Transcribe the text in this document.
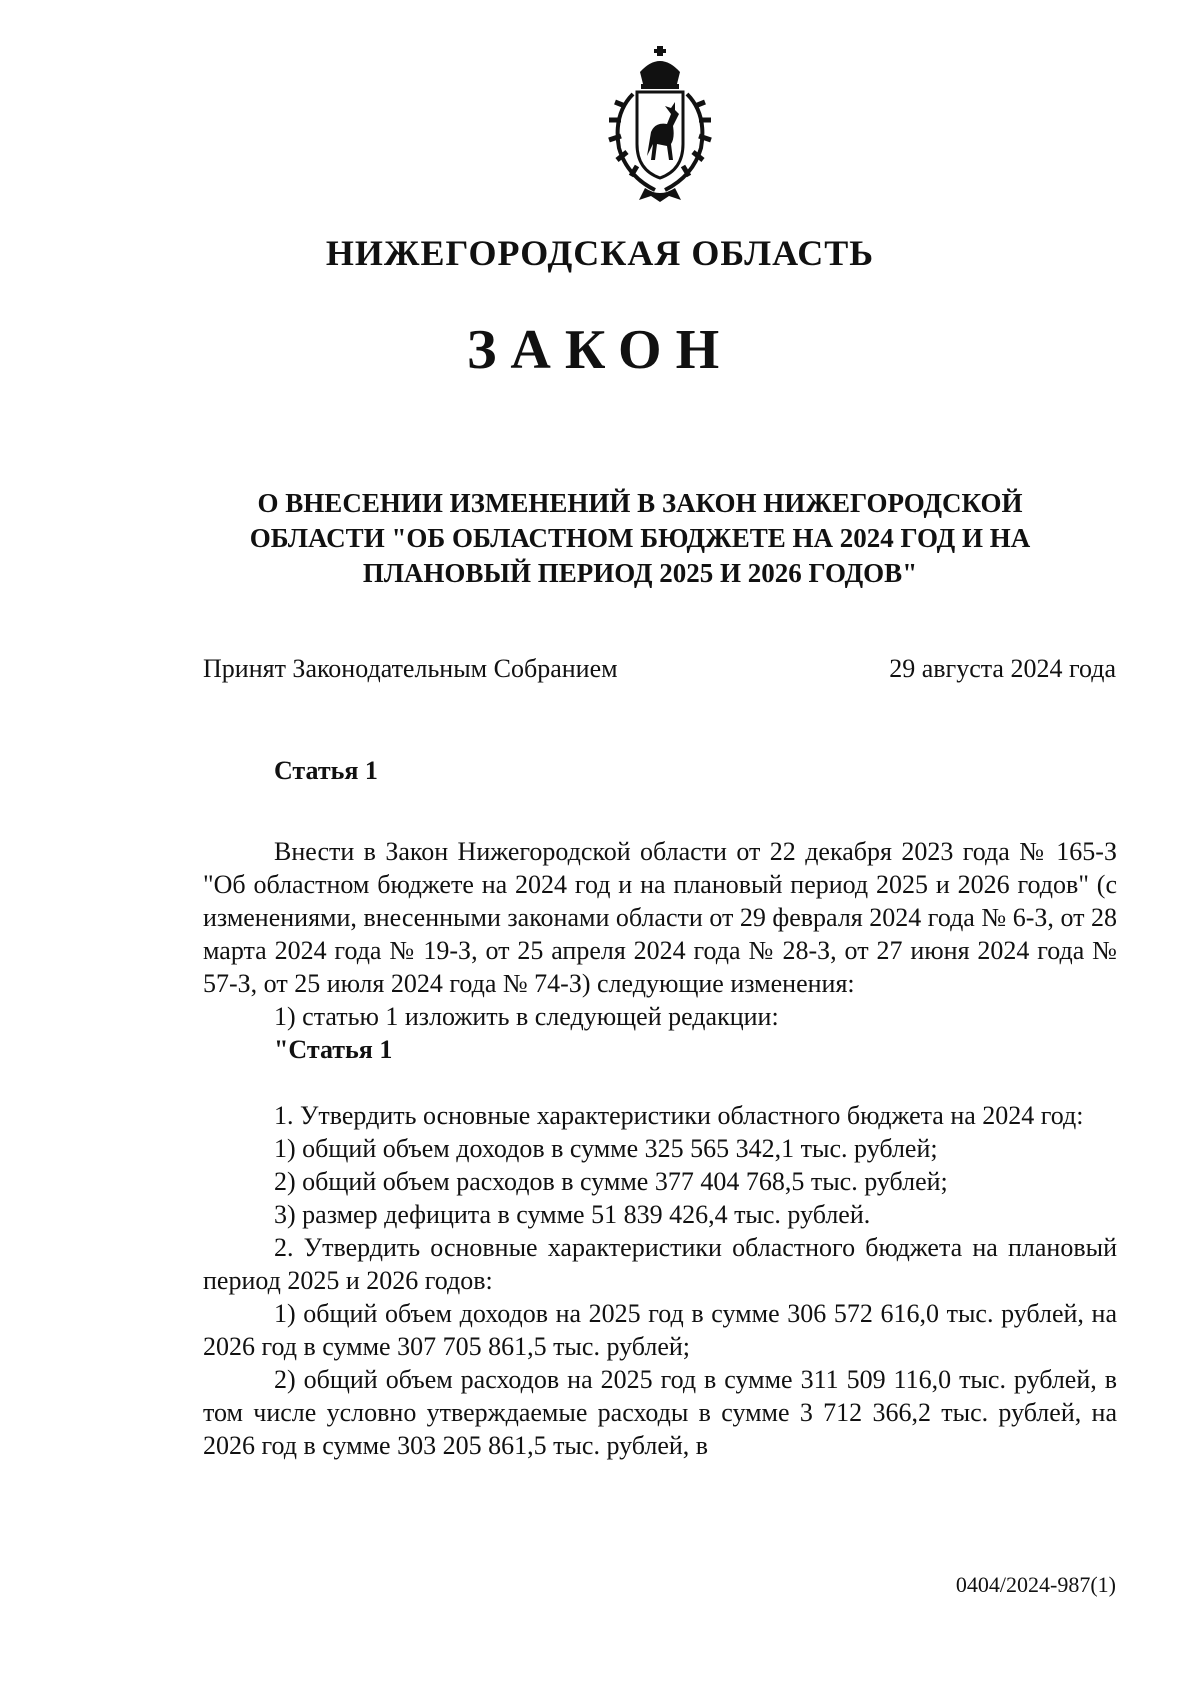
НИЖЕГОРОДСКАЯ ОБЛАСТЬ
ЗАКОН
О ВНЕСЕНИИ ИЗМЕНЕНИЙ В ЗАКОН НИЖЕГОРОДСКОЙ
ОБЛАСТИ "ОБ ОБЛАСТНОМ БЮДЖЕТЕ НА 2024 ГОД И НА
ПЛАНОВЫЙ ПЕРИОД 2025 И 2026 ГОДОВ"
Принят Законодательным Собранием	29 августа 2024 года

Статья 1

Внести в Закон Нижегородской области от 22 декабря 2023 года № 165-З "Об областном бюджете на 2024 год и на плановый период 2025 и 2026 годов" (с изменениями, внесенными законами области от 29 февраля 2024 года № 6-З, от 28 марта 2024 года № 19-З, от 25 апреля 2024 года № 28-З, от 27 июня 2024 года № 57-З, от 25 июля 2024 года № 74-З) следующие изменения:

1) статью 1 изложить в следующей редакции:

"Статья 1

1. Утвердить основные характеристики областного бюджета на 2024 год:

1) общий объем доходов в сумме 325 565 342,1 тыс. рублей;

2) общий объем расходов в сумме 377 404 768,5 тыс. рублей;

3) размер дефицита в сумме 51 839 426,4 тыс. рублей.

2. Утвердить основные характеристики областного бюджета на плановый период 2025 и 2026 годов:

1) общий объем доходов на 2025 год в сумме 306 572 616,0 тыс. рублей, на 2026 год в сумме 307 705 861,5 тыс. рублей;

2) общий объем расходов на 2025 год в сумме 311 509 116,0 тыс. рублей, в том числе условно утверждаемые расходы в сумме 3 712 366,2 тыс. рублей, на 2026 год в сумме 303 205 861,5 тыс. рублей, в

0404/2024-987(1)
